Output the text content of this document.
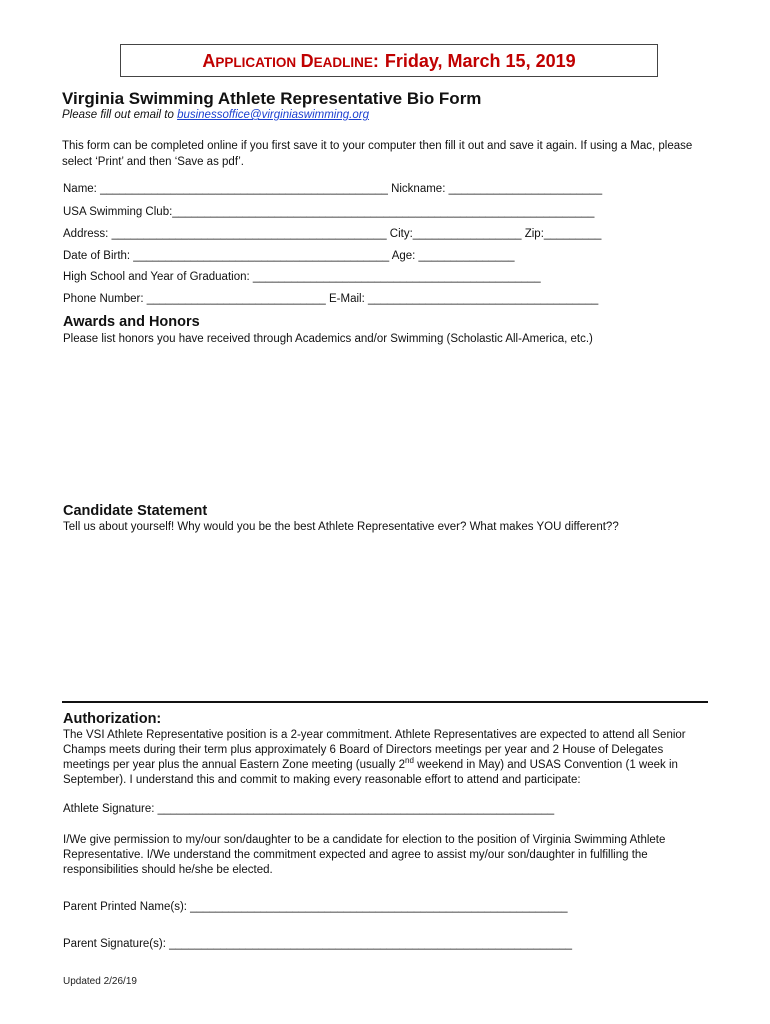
APPLICATION DEADLINE: Friday, March 15, 2019
Virginia Swimming Athlete Representative Bio Form
Please fill out email to businessoffice@virginiaswimming.org
This form can be completed online if you first save it to your computer then fill it out and save it again. If using a Mac, please select ‘Print’ and then ‘Save as pdf’.
Name: _____________________________________________ Nickname: ________________________
USA Swimming Club:__________________________________________________________________
Address: ___________________________________________ City:_________________ Zip:_________
Date of Birth: ________________________________________ Age: _______________
High School and Year of Graduation: _____________________________________________
Phone Number: ____________________________ E-Mail: ____________________________________
Awards and Honors
Please list honors you have received through Academics and/or Swimming (Scholastic All-America, etc.)
Candidate Statement
Tell us about yourself! Why would you be the best Athlete Representative ever? What makes YOU different??
Authorization:
The VSI Athlete Representative position is a 2-year commitment. Athlete Representatives are expected to attend all Senior Champs meets during their term plus approximately 6 Board of Directors meetings per year and 2 House of Delegates meetings per year plus the annual Eastern Zone meeting (usually 2nd weekend in May) and USAS Convention (1 week in September). I understand this and commit to making every reasonable effort to attend and participate:
Athlete Signature: ______________________________________________________________
I/We give permission to my/our son/daughter to be a candidate for election to the position of Virginia Swimming Athlete Representative. I/We understand the commitment expected and agree to assist my/our son/daughter in fulfilling the responsibilities should he/she be elected.
Parent Printed Name(s): ___________________________________________________________
Parent Signature(s): _______________________________________________________________
Updated 2/26/19
